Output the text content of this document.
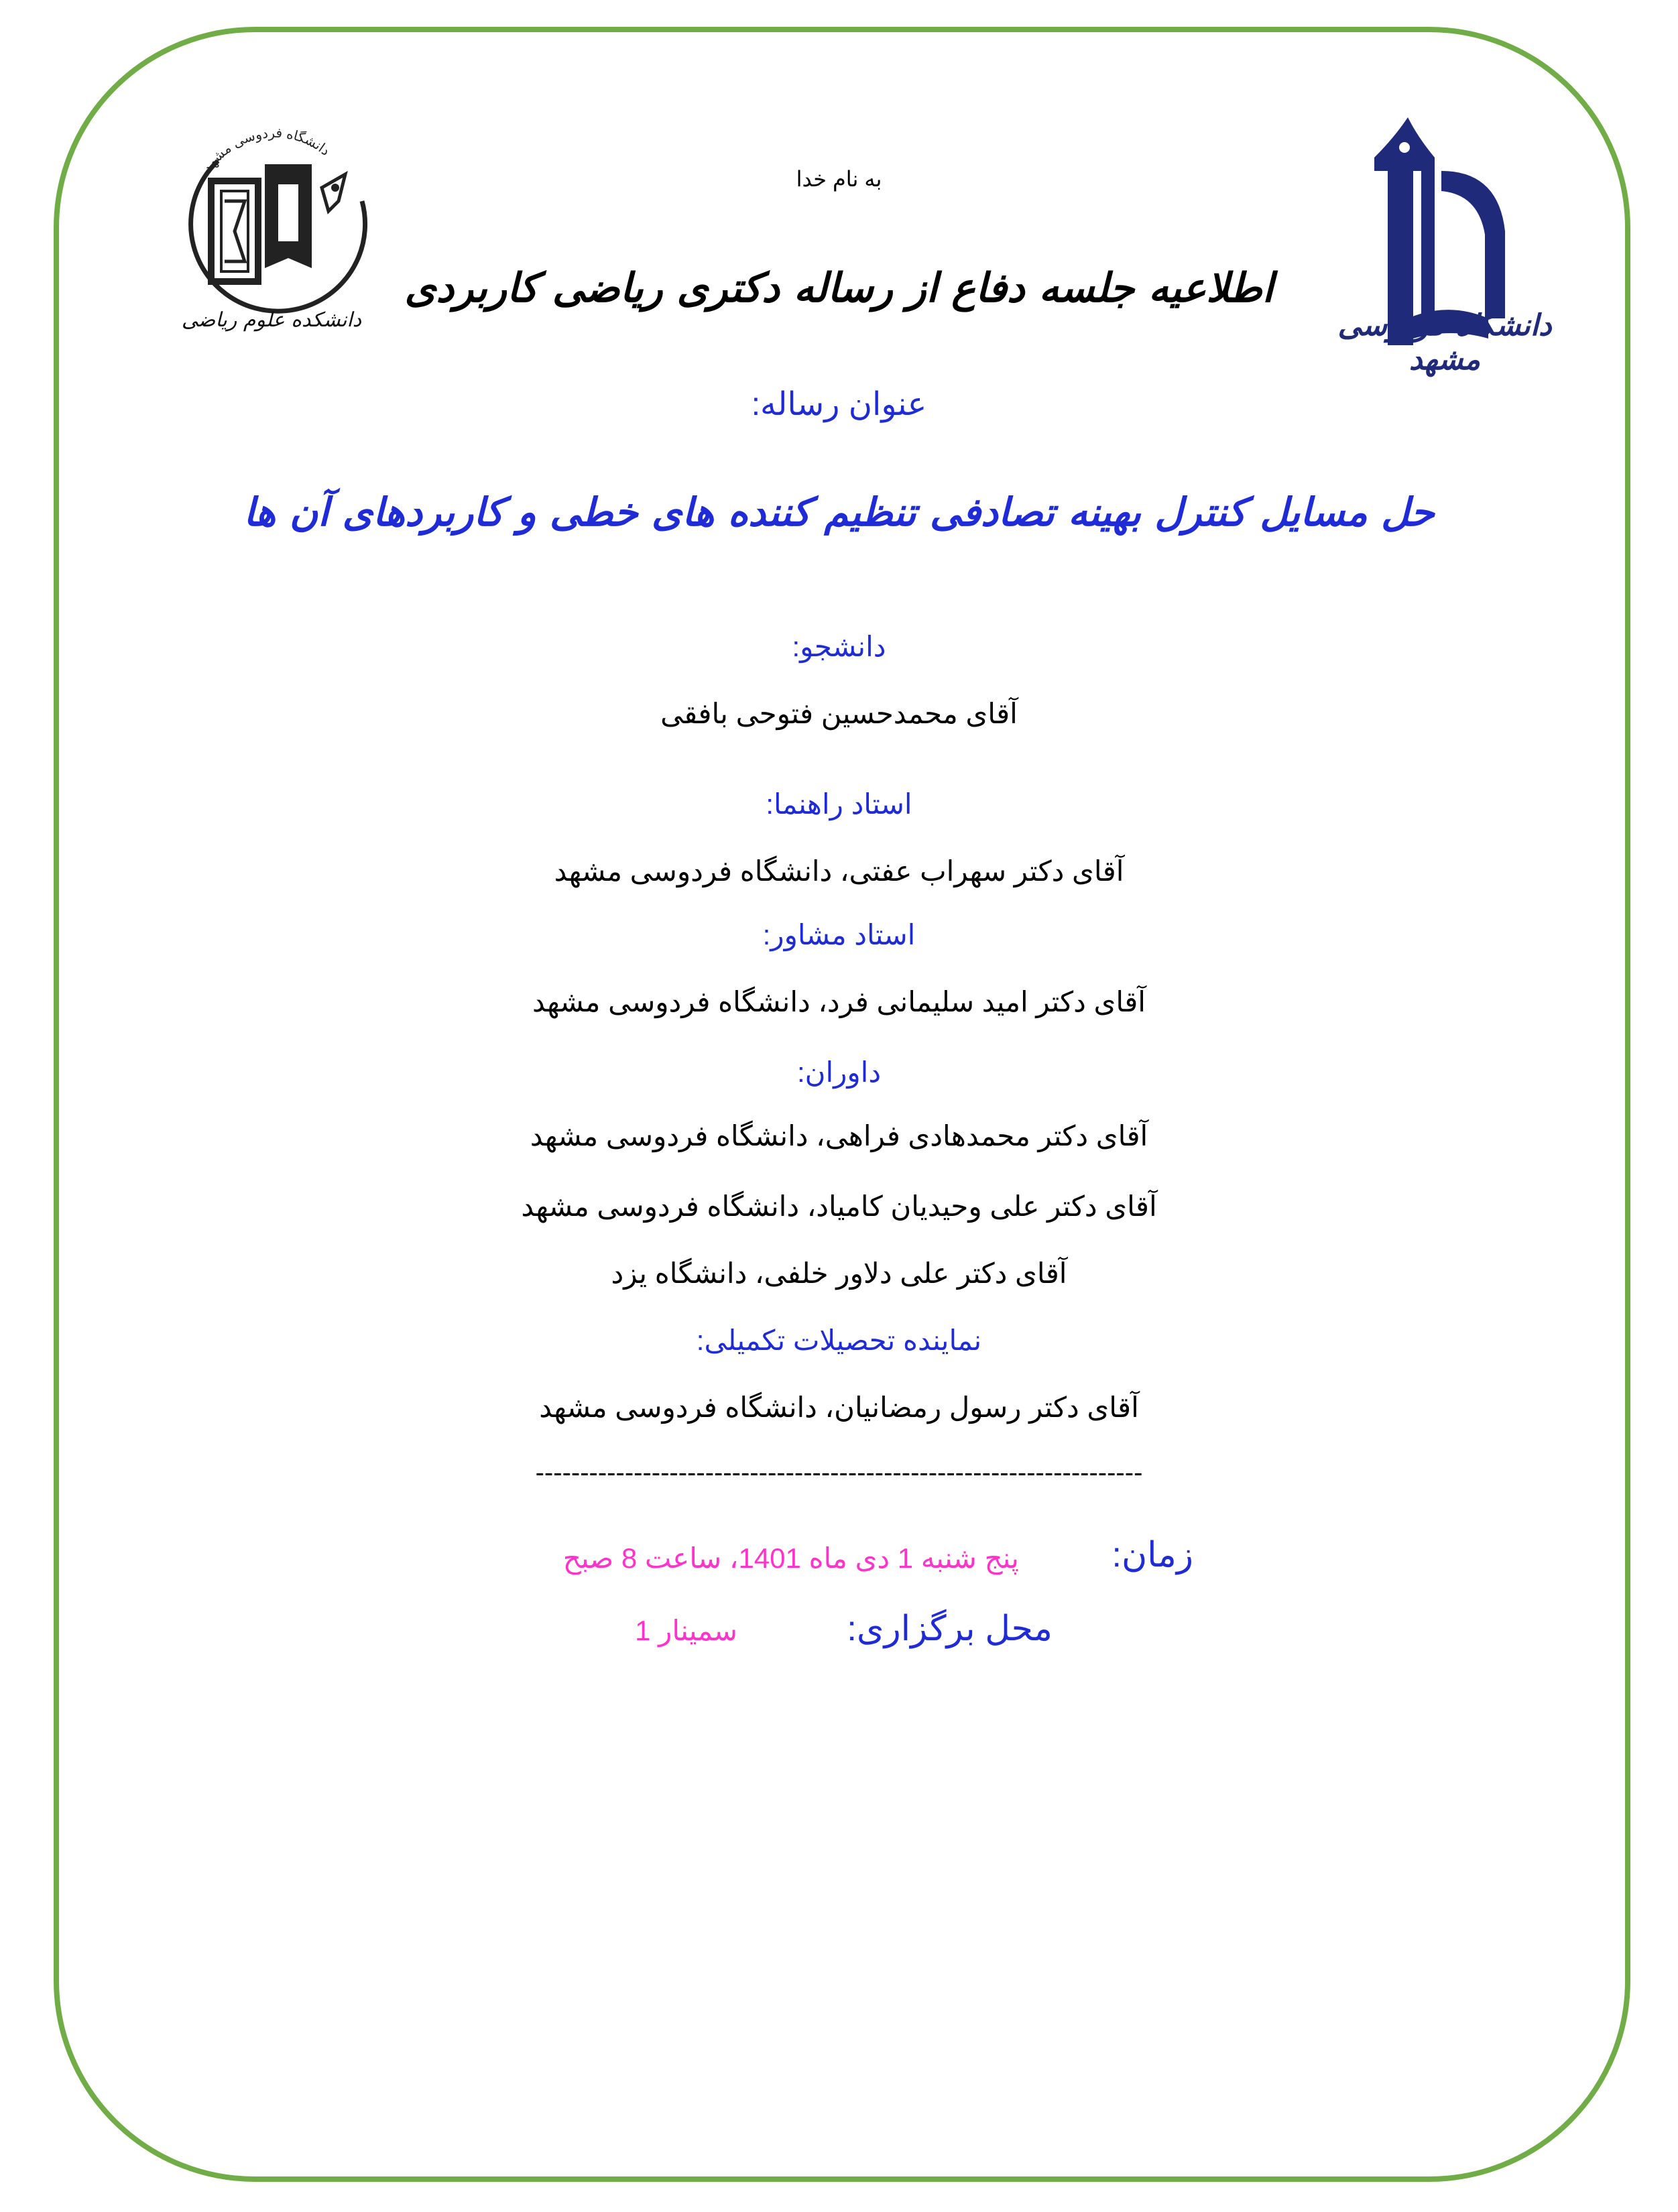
دانشگاه فردوسی مشهد
دانشکده علوم ریاضی	دانشگاه فردوسی مشهد
به نام خدا
اطلاعیه جلسه دفاع از رساله دکتری ریاضی کاربردی
عنوان رساله:
حل مسایل کنترل بهینه تصادفی تنظیم کننده های خطی و کاربردهای آن ها
دانشجو:
آقای محمدحسین فتوحی بافقی
استاد راهنما:
آقای دکتر سهراب عفتی، دانشگاه فردوسی مشهد
استاد مشاور:
آقای دکتر امید سلیمانی فرد، دانشگاه فردوسی مشهد
داوران:
آقای دکتر محمدهادی فراهی، دانشگاه فردوسی مشهد
آقای دکتر علی وحیدیان کامیاد، دانشگاه فردوسی مشهد
آقای دکتر علی دلاور خلفی، دانشگاه یزد
نماینده تحصیلات تکمیلی:
آقای دکتر رسول رمضانیان، دانشگاه فردوسی مشهد
--------------------------------------------------------------------
زمان:
پنج شنبه 1 دی ماه 1401، ساعت 8 صبح
محل برگزاری:
سمینار 1
